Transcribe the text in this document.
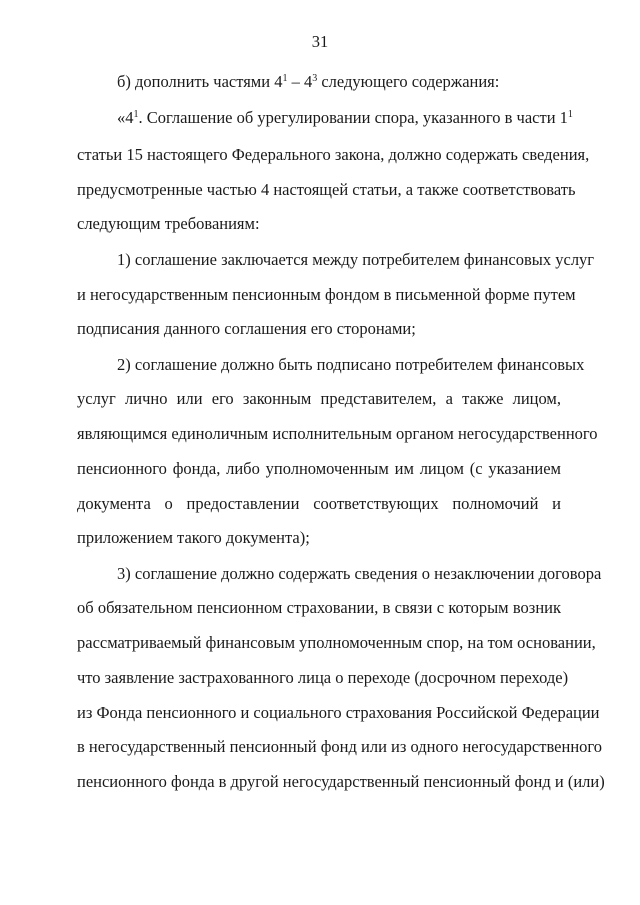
31
б) дополнить частями $4^1 - 4^3$ следующего содержания:
«$4^1$. Соглашение об урегулировании спора, указанного в части $1^1$
статьи 15 настоящего Федерального закона, должно содержать сведения,
предусмотренные частью 4 настоящей статьи, а также соответствовать
следующим требованиям:
1) соглашение заключается между потребителем финансовых услуг
и негосударственным пенсионным фондом в письменной форме путем
подписания данного соглашения его сторонами;
2) соглашение должно быть подписано потребителем финансовых
услуг лично или его законным представителем, а также лицом,
являющимся единоличным исполнительным органом негосударственного
пенсионного фонда, либо уполномоченным им лицом (с указанием
документа о предоставлении соответствующих полномочий и
приложением такого документа);
3) соглашение должно содержать сведения о незаключении договора
об обязательном пенсионном страховании, в связи с которым возник
рассматриваемый финансовым уполномоченным спор, на том основании,
что заявление застрахованного лица о переходе (досрочном переходе)
из Фонда пенсионного и социального страхования Российской Федерации
в негосударственный пенсионный фонд или из одного негосударственного
пенсионного фонда в другой негосударственный пенсионный фонд и (или)
